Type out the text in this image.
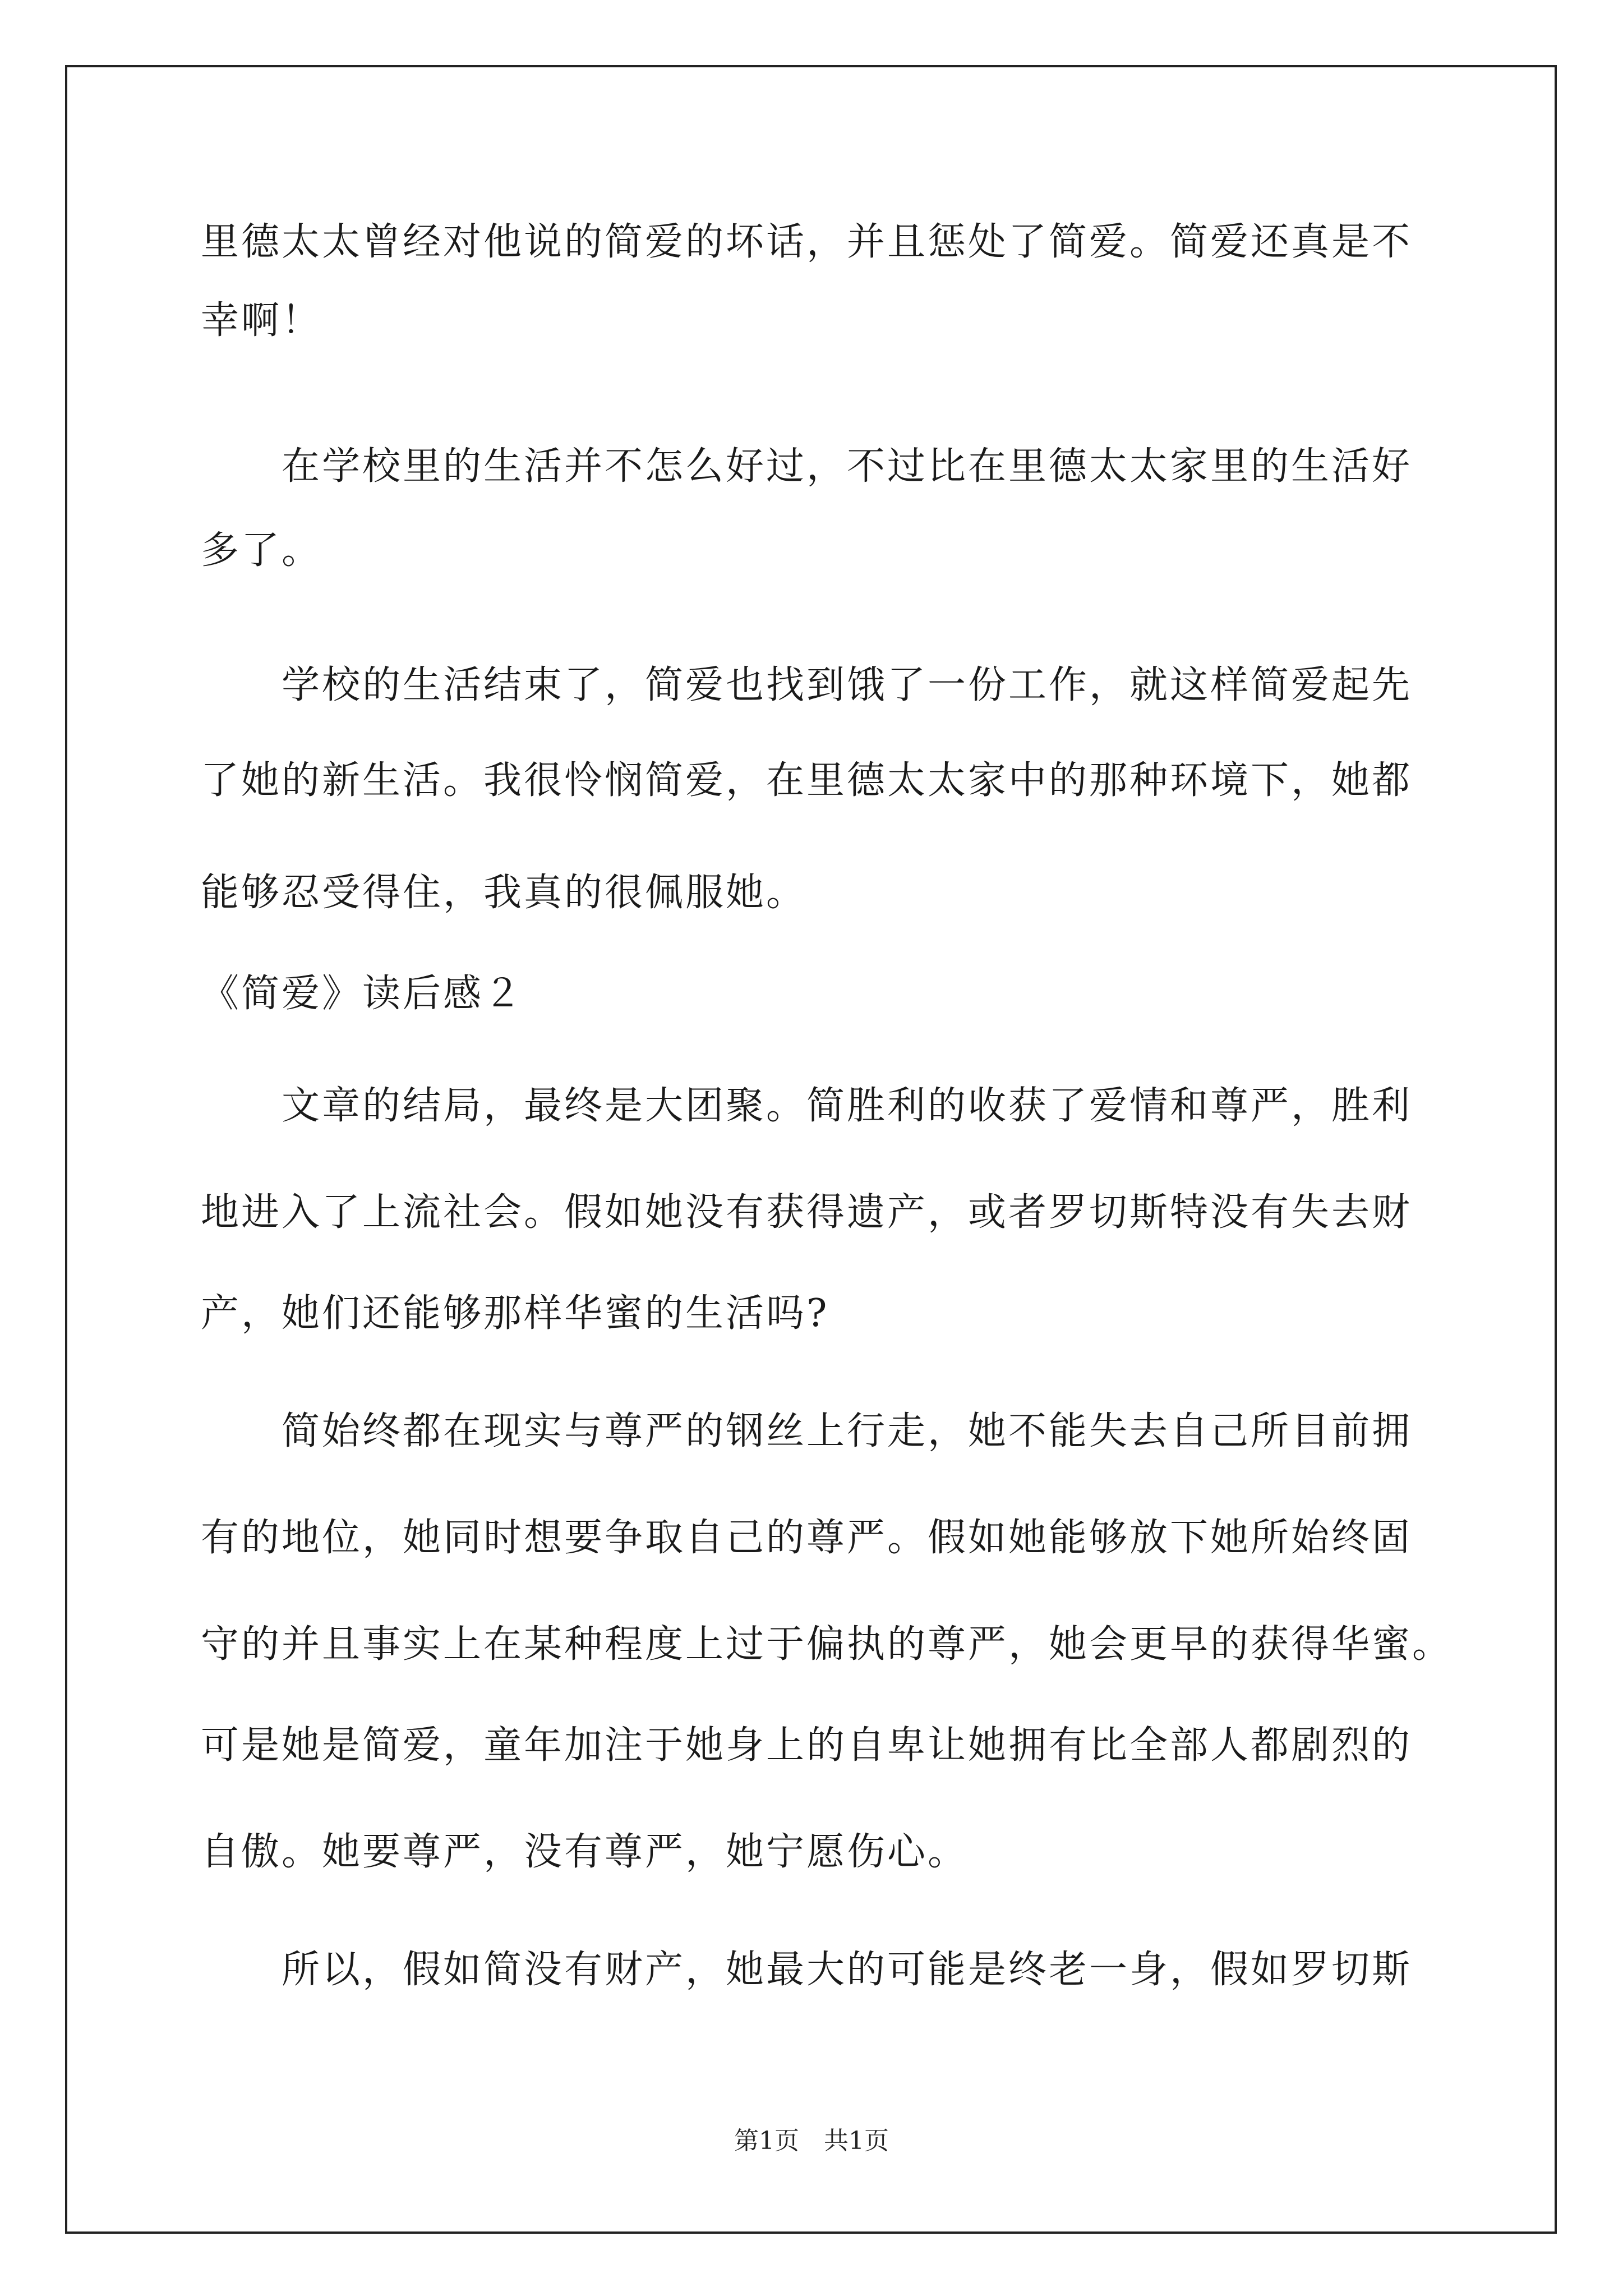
里德太太曾经对他说的简爱的坏话，并且惩处了简爱。简爱还真是不
幸啊！
　　在学校里的生活并不怎么好过，不过比在里德太太家里的生活好
多了。
　　学校的生活结束了，简爱也找到饿了一份工作，就这样简爱起先
了她的新生活。我很怜悯简爱，在里德太太家中的那种环境下，她都
能够忍受得住，我真的很佩服她。
《简爱》读后感２
　　文章的结局，最终是大团聚。简胜利的收获了爱情和尊严，胜利
地进入了上流社会。假如她没有获得遗产，或者罗切斯特没有失去财
产，她们还能够那样华蜜的生活吗?
　　简始终都在现实与尊严的钢丝上行走，她不能失去自己所目前拥
有的地位，她同时想要争取自己的尊严。假如她能够放下她所始终固
守的并且事实上在某种程度上过于偏执的尊严，她会更早的获得华蜜。
可是她是简爱，童年加注于她身上的自卑让她拥有比全部人都剧烈的
自傲。她要尊严，没有尊严，她宁愿伤心。
　　所以，假如简没有财产，她最大的可能是终老一身，假如罗切斯
第1页　共1页
